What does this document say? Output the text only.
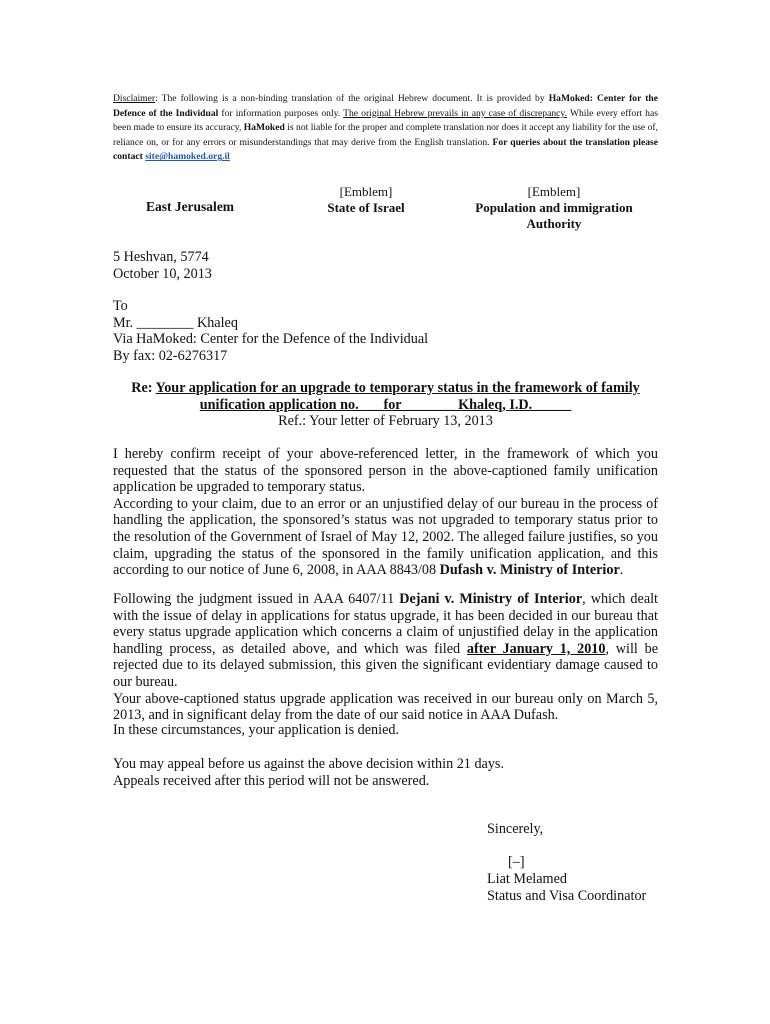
Disclaimer: The following is a non-binding translation of the original Hebrew document. It is provided by HaMoked: Center for the Defence of the Individual for information purposes only. The original Hebrew prevails in any case of discrepancy. While every effort has been made to ensure its accuracy, HaMoked is not liable for the proper and complete translation nor does it accept any liability for the use of, reliance on, or for any errors or misunderstandings that may derive from the English translation. For queries about the translation please contact site@hamoked.org.il
East Jerusalem
[Emblem]
State of Israel
[Emblem]
Population and immigration Authority

5 Heshvan, 5774

October 10, 2013

To

Mr. ________ Khaleq

Via HaMoked: Center for the Defence of the Individual

By fax: 02-6276317

Re: Your application for an upgrade to temporary status in the framework of family

unification application no. ___for _______ Khaleq, I.D. _____

Ref.: Your letter of February 13, 2013

I hereby confirm receipt of your above-referenced letter, in the framework of which you requested that the status of the sponsored person in the above-captioned family unification application be upgraded to temporary status.

According to your claim, due to an error or an unjustified delay of our bureau in the process of handling the application, the sponsored’s status was not upgraded to temporary status prior to the resolution of the Government of Israel of May 12, 2002. The alleged failure justifies, so you claim, upgrading the status of the sponsored in the family unification application, and this according to our notice of June 6, 2008, in AAA 8843/08 Dufash v. Ministry of Interior.

Following the judgment issued in AAA 6407/11 Dejani v. Ministry of Interior, which dealt with the issue of delay in applications for status upgrade, it has been decided in our bureau that every status upgrade application which concerns a claim of unjustified delay in the application handling process, as detailed above, and which was filed after January 1, 2010, will be rejected due to its delayed submission, this given the significant evidentiary damage caused to our bureau.

Your above-captioned status upgrade application was received in our bureau only on March 5, 2013, and in significant delay from the date of our said notice in AAA Dufash.

In these circumstances, your application is denied.

You may appeal before us against the above decision within 21 days.

Appeals received after this period will not be answered.

Sincerely,
[–]

Liat Melamed

Status and Visa Coordinator
